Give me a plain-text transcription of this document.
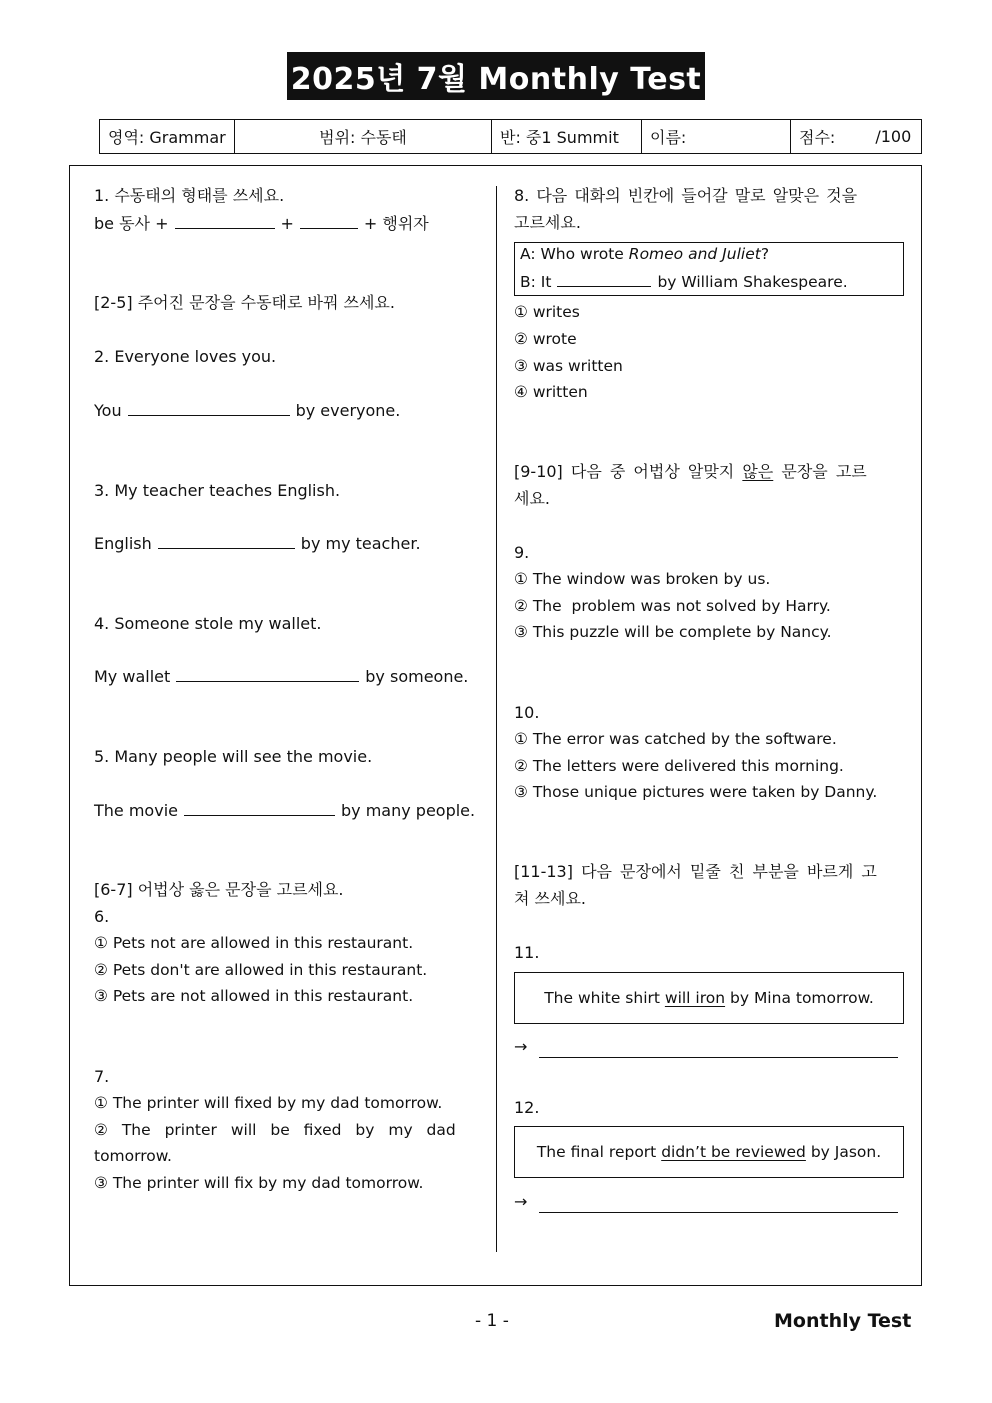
2025년 7월 Monthly Test
영역: Grammar	범위: 수동태	반: 중1 Summit	이름:	점수:	/100
1. 수동태의 형태를 쓰세요.
be 동사 +	+	+ 행위자
[2-5] 주어진 문장을 수동태로 바꿔 쓰세요.
2. Everyone loves you.
You	by everyone.
3. My teacher teaches English.
English	by my teacher.
4. Someone stole my wallet.
My wallet	by someone.
5. Many people will see the movie.
The movie	by many people.
[6-7] 어법상 옳은 문장을 고르세요.
6.
① Pets not are allowed in this restaurant.
② Pets don't are allowed in this restaurant.
③ Pets are not allowed in this restaurant.
7.
① The printer will fixed by my dad tomorrow.
② The printer will be fixed by my dad
tomorrow.
③ The printer will fix by my dad tomorrow.
8. 다음 대화의 빈칸에 들어갈 말로 알맞은 것을
고르세요.
A: Who wrote Romeo and Juliet?
B: It	by William Shakespeare.
① writes
② wrote
③ was written
④ written
[9-10] 다음 중 어법상 알맞지 않은 문장을 고르
세요.
9.
① The window was broken by us.
② The  problem was not solved by Harry.
③ This puzzle will be complete by Nancy.
10.
① The error was catched by the software.
② The letters were delivered this morning.
③ Those unique pictures were taken by Danny.
[11-13] 다음 문장에서 밑줄 친 부분을 바르게 고
쳐 쓰세요.
11.
The white shirt
will iron
by Mina tomorrow.
→
12.
The final report
didn’t be reviewed
by Jason.
→
- 1 -	Monthly Test
